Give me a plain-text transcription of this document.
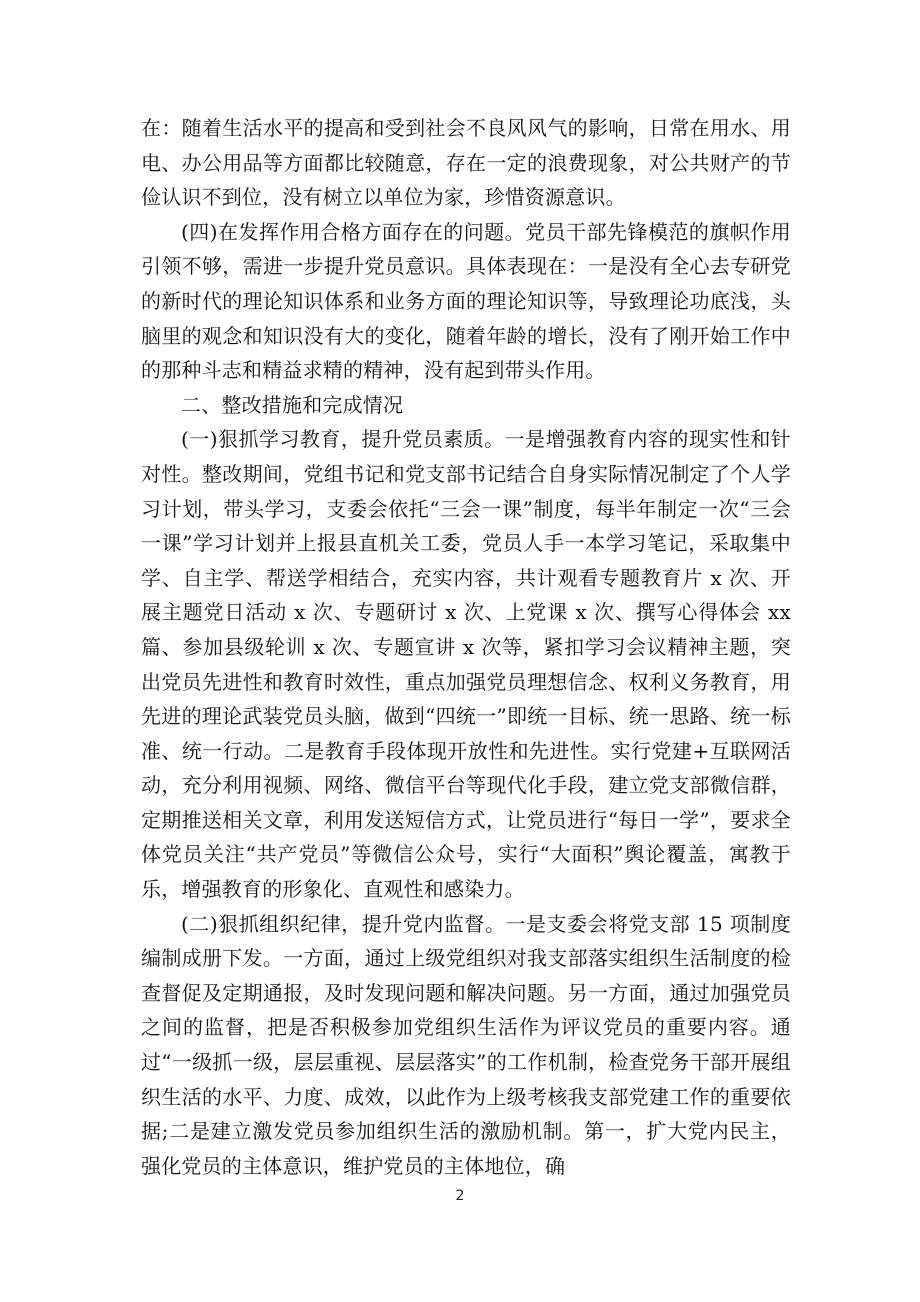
在：随着生活水平的提高和受到社会不良风风气的影响，日常在用水、用电、办公用品等方面都比较随意，存在一定的浪费现象，对公共财产的节俭认识不到位，没有树立以单位为家，珍惜资源意识。

(四)在发挥作用合格方面存在的问题。党员干部先锋模范的旗帜作用引领不够，需进一步提升党员意识。具体表现在：一是没有全心去专研党的新时代的理论知识体系和业务方面的理论知识等，导致理论功底浅，头脑里的观念和知识没有大的变化，随着年龄的增长，没有了刚开始工作中的那种斗志和精益求精的精神，没有起到带头作用。

二、整改措施和完成情况

(一)狠抓学习教育，提升党员素质。一是增强教育内容的现实性和针对性。整改期间，党组书记和党支部书记结合自身实际情况制定了个人学习计划，带头学习，支委会依托“三会一课”制度，每半年制定一次“三会一课”学习计划并上报县直机关工委，党员人手一本学习笔记，采取集中学、自主学、帮送学相结合，充实内容，共计观看专题教育片 x 次、开展主题党日活动 x 次、专题研讨 x 次、上党课 x 次、撰写心得体会 xx 篇、参加县级轮训 x 次、专题宣讲 x 次等，紧扣学习会议精神主题，突出党员先进性和教育时效性，重点加强党员理想信念、权利义务教育，用先进的理论武装党员头脑，做到“四统一”即统一目标、统一思路、统一标准、统一行动。二是教育手段体现开放性和先进性。实行党建+互联网活动，充分利用视频、网络、微信平台等现代化手段，建立党支部微信群，定期推送相关文章，利用发送短信方式，让党员进行“每日一学”，要求全体党员关注“共产党员”等微信公众号，实行“大面积”舆论覆盖，寓教于乐，增强教育的形象化、直观性和感染力。

(二)狠抓组织纪律，提升党内监督。一是支委会将党支部 15 项制度编制成册下发。一方面，通过上级党组织对我支部落实组织生活制度的检查督促及定期通报，及时发现问题和解决问题。另一方面，通过加强党员之间的监督，把是否积极参加党组织生活作为评议党员的重要内容。通过“一级抓一级，层层重视、层层落实”的工作机制，检查党务干部开展组织生活的水平、力度、成效，以此作为上级考核我支部党建工作的重要依据;二是建立激发党员参加组织生活的激励机制。第一，扩大党内民主，强化党员的主体意识，维护党员的主体地位，确

2
